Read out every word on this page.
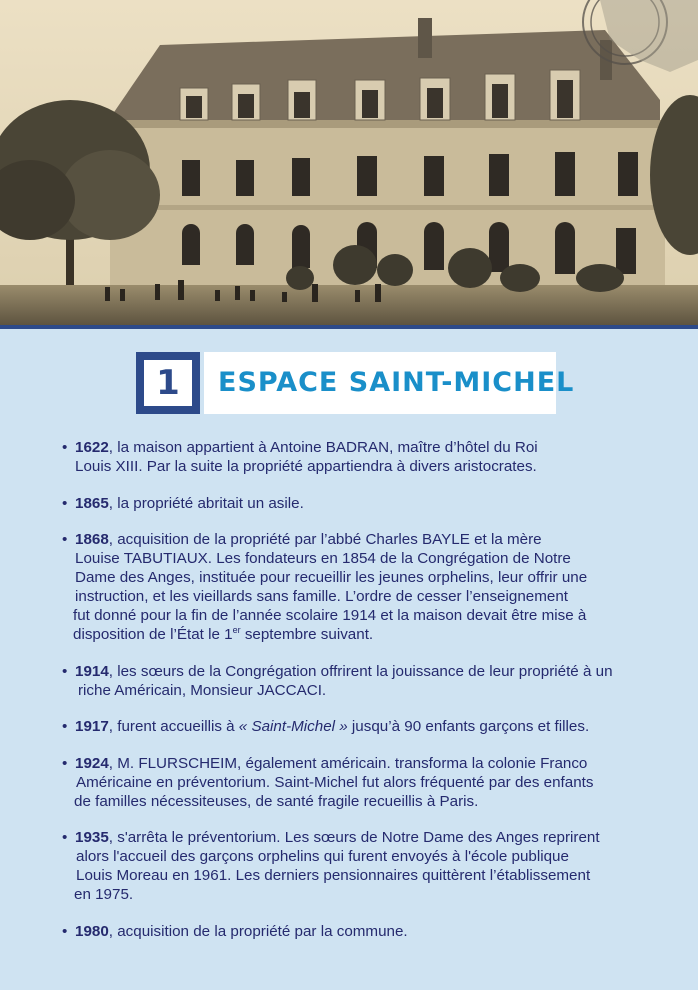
1	ESPACE SAINT-MICHEL
• 1622, la maison appartient à Antoine BADRAN, maître d’hôtel du Roi
Louis XIII. Par la suite la propriété appartiendra à divers aristocrates.
• 1865, la propriété abritait un asile.
• 1868, acquisition de la propriété par l’abbé Charles BAYLE et la mère
Louise TABUTIAUX. Les fondateurs en 1854 de la Congrégation de Notre
Dame des Anges, instituée pour recueillir les jeunes orphelins, leur offrir une
instruction, et les vieillards sans famille. L’ordre de cesser l’enseignement
fut donné pour la fin de l’année scolaire 1914 et la maison devait être mise à
disposition de l’État le 1er septembre suivant.
• 1914, les sœurs de la Congrégation offrirent la jouissance de leur propriété à un
riche Américain, Monsieur JACCACI.
• 1917, furent accueillis à « Saint-Michel » jusqu’à 90 enfants garçons et filles.
• 1924, M. FLURSCHEIM, également américain. transforma la colonie Franco
Américaine en préventorium. Saint-Michel fut alors fréquenté par des enfants
de familles nécessiteuses, de santé fragile recueillis à Paris.
• 1935, s'arrêta le préventorium. Les sœurs de Notre Dame des Anges reprirent
alors l'accueil des garçons orphelins qui furent envoyés à l'école publique
Louis Moreau en 1961. Les derniers pensionnaires quittèrent l’établissement
en 1975.
• 1980, acquisition de la propriété par la commune.
